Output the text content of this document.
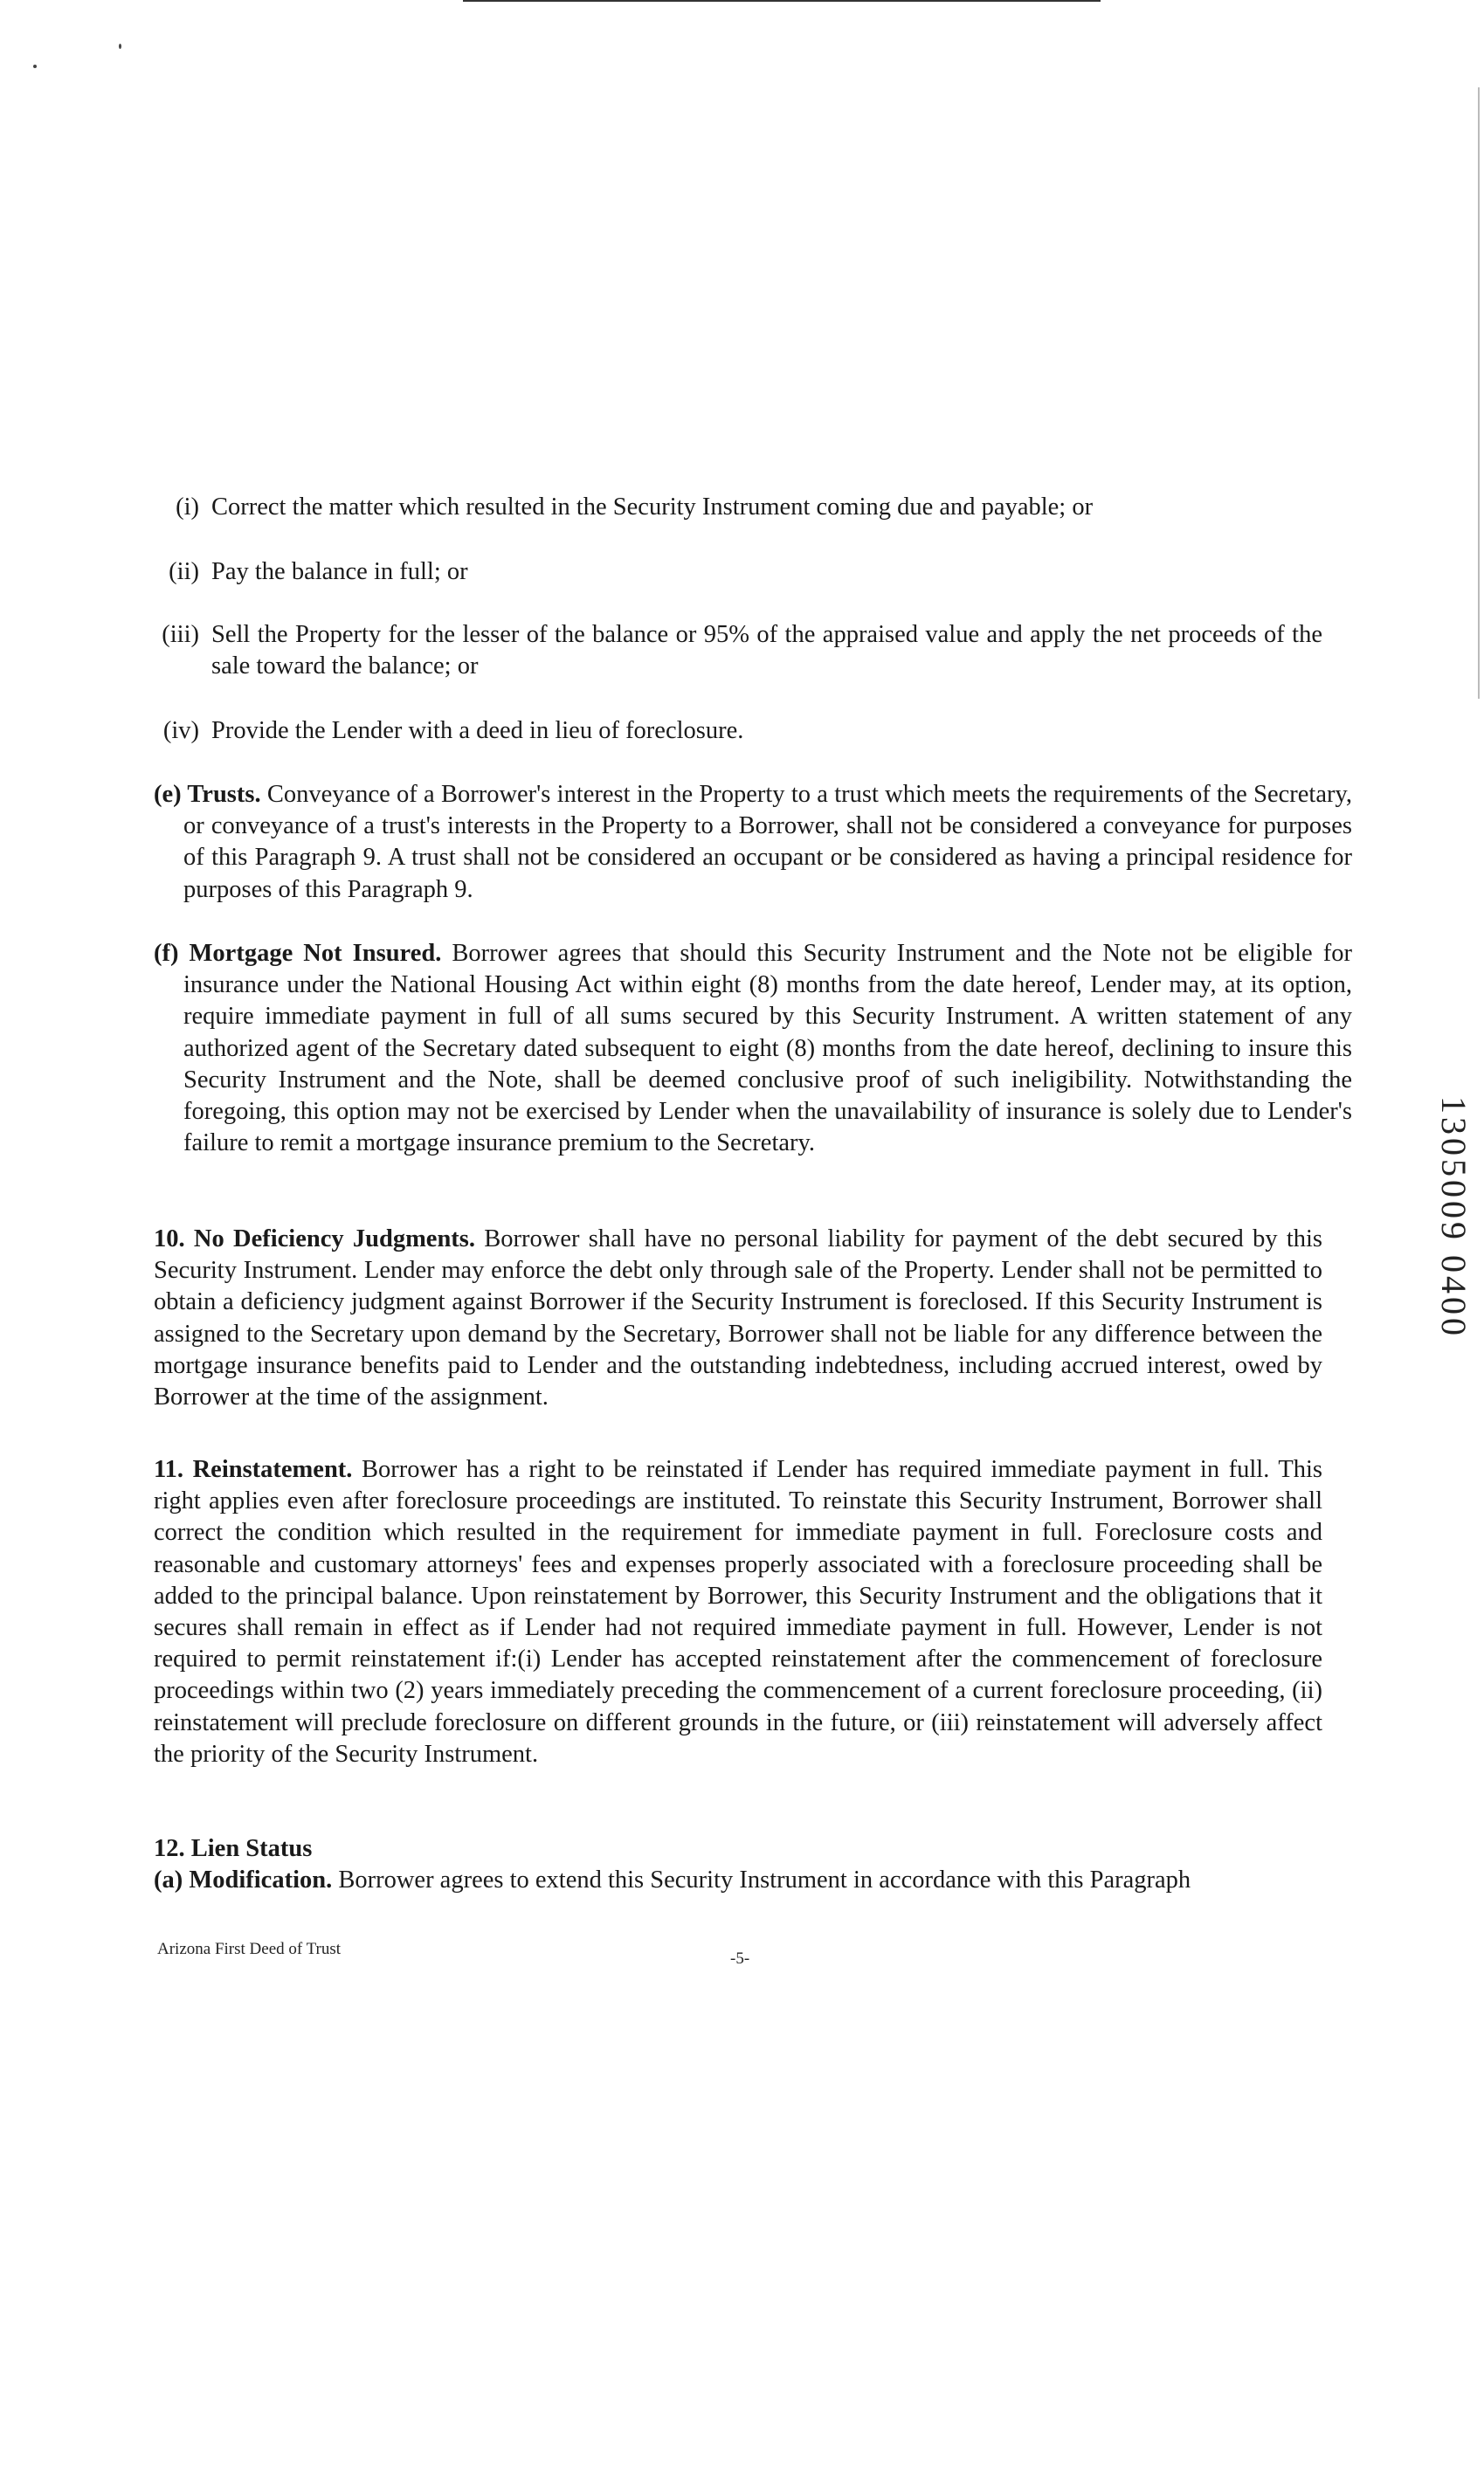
(i) Correct the matter which resulted in the Security Instrument coming due and payable; or
(ii) Pay the balance in full; or
(iii) Sell the Property for the lesser of the balance or 95% of the appraised value and apply the net proceeds of the sale toward the balance; or
(iv) Provide the Lender with a deed in lieu of foreclosure.
(e) Trusts. Conveyance of a Borrower's interest in the Property to a trust which meets the requirements of the Secretary, or conveyance of a trust's interests in the Property to a Borrower, shall not be considered a conveyance for purposes of this Paragraph 9. A trust shall not be considered an occupant or be considered as having a principal residence for purposes of this Paragraph 9.
(f) Mortgage Not Insured. Borrower agrees that should this Security Instrument and the Note not be eligible for insurance under the National Housing Act within eight (8) months from the date hereof, Lender may, at its option, require immediate payment in full of all sums secured by this Security Instrument. A written statement of any authorized agent of the Secretary dated subsequent to eight (8) months from the date hereof, declining to insure this Security Instrument and the Note, shall be deemed conclusive proof of such ineligibility. Notwithstanding the foregoing, this option may not be exercised by Lender when the unavailability of insurance is solely due to Lender's failure to remit a mortgage insurance premium to the Secretary.
10. No Deficiency Judgments. Borrower shall have no personal liability for payment of the debt secured by this Security Instrument. Lender may enforce the debt only through sale of the Property. Lender shall not be permitted to obtain a deficiency judgment against Borrower if the Security Instrument is foreclosed. If this Security Instrument is assigned to the Secretary upon demand by the Secretary, Borrower shall not be liable for any difference between the mortgage insurance benefits paid to Lender and the outstanding indebtedness, including accrued interest, owed by Borrower at the time of the assignment.
11. Reinstatement. Borrower has a right to be reinstated if Lender has required immediate payment in full. This right applies even after foreclosure proceedings are instituted. To reinstate this Security Instrument, Borrower shall correct the condition which resulted in the requirement for immediate payment in full. Foreclosure costs and reasonable and customary attorneys' fees and expenses properly associated with a foreclosure proceeding shall be added to the principal balance. Upon reinstatement by Borrower, this Security Instrument and the obligations that it secures shall remain in effect as if Lender had not required immediate payment in full. However, Lender is not required to permit reinstatement if:(i) Lender has accepted reinstatement after the commencement of foreclosure proceedings within two (2) years immediately preceding the commencement of a current foreclosure proceeding, (ii) reinstatement will preclude foreclosure on different grounds in the future, or (iii) reinstatement will adversely affect the priority of the Security Instrument.
12. Lien Status
(a) Modification. Borrower agrees to extend this Security Instrument in accordance with this Paragraph
Arizona First Deed of Trust
-5-
1305009 0400
